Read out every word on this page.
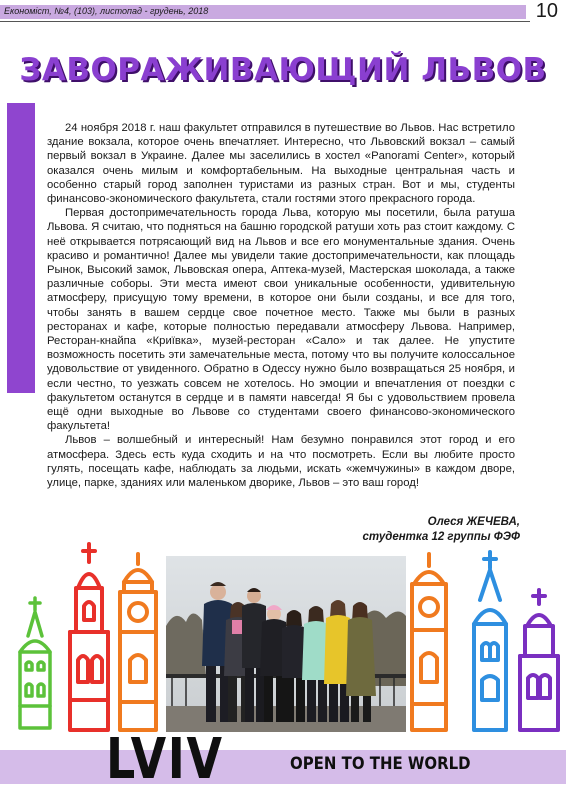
Економіст, №4, (103), листопад - грудень, 2018	10
ЗАВОРАЖИВАЮЩИЙ ЛЬВОВ

24 ноября 2018 г. наш факультет отправился в путешествие во Львов. Нас встретило здание вокзала, которое очень впечатляет. Интересно, что Львовский вокзал – самый первый вокзал в Украине. Далее мы заселились в хостел «Panorami Center», который оказался очень милым и комфортабельным. На выходные центральная часть и особенно старый город заполнен туристами из разных стран. Вот и мы, студенты финансово-экономического факультета, стали гостями этого прекрасного города.

Первая достопримечательность города Льва, которую мы посетили, была ратуша Львова. Я считаю, что подняться на башню городской ратуши хоть раз стоит каждому. С неё открывается потрясающий вид на Львов и все его монументальные здания. Очень красиво и романтично! Далее мы увидели такие достопримечательности, как площадь Рынок, Высокий замок, Львовская опера, Аптека-музей, Мастерская шоколада, а также различные соборы. Эти места имеют свои уникальные особенности, удивительную атмосферу, присущую тому времени, в которое они были созданы, и все для того, чтобы занять в вашем сердце свое почетное место. Также мы были в разных ресторанах и кафе, которые полностью передавали атмосферу Львова. Например, Ресторан-кнайпа «Криївка», музей-ресторан «Сало» и так далее. Не упустите возможность посетить эти замечательные места, потому что вы получите колоссальное удовольствие от увиденного. Обратно в Одессу нужно было возвращаться 25 ноября, и если честно, то уезжать совсем не хотелось. Но эмоции и впечатления от поездки с факультетом останутся в сердце и в памяти навсегда! Я бы с удовольствием провела ещё одни выходные во Львове со студентами своего финансово-экономического факультета!

Львов – волшебный и интересный! Нам безумно понравился этот город и его атмосфера. Здесь есть куда сходить и на что посмотреть. Если вы любите просто гулять, посещать кафе, наблюдать за людьми, искать «жемчужины» в каждом дворе, улице, парке, зданиях или маленьком дворике, Львов – это ваш город!

Олеся ЖЕЧЕВА,
студентка 12 группы ФЭФ
LVIV	OPEN TO THE WORLD
